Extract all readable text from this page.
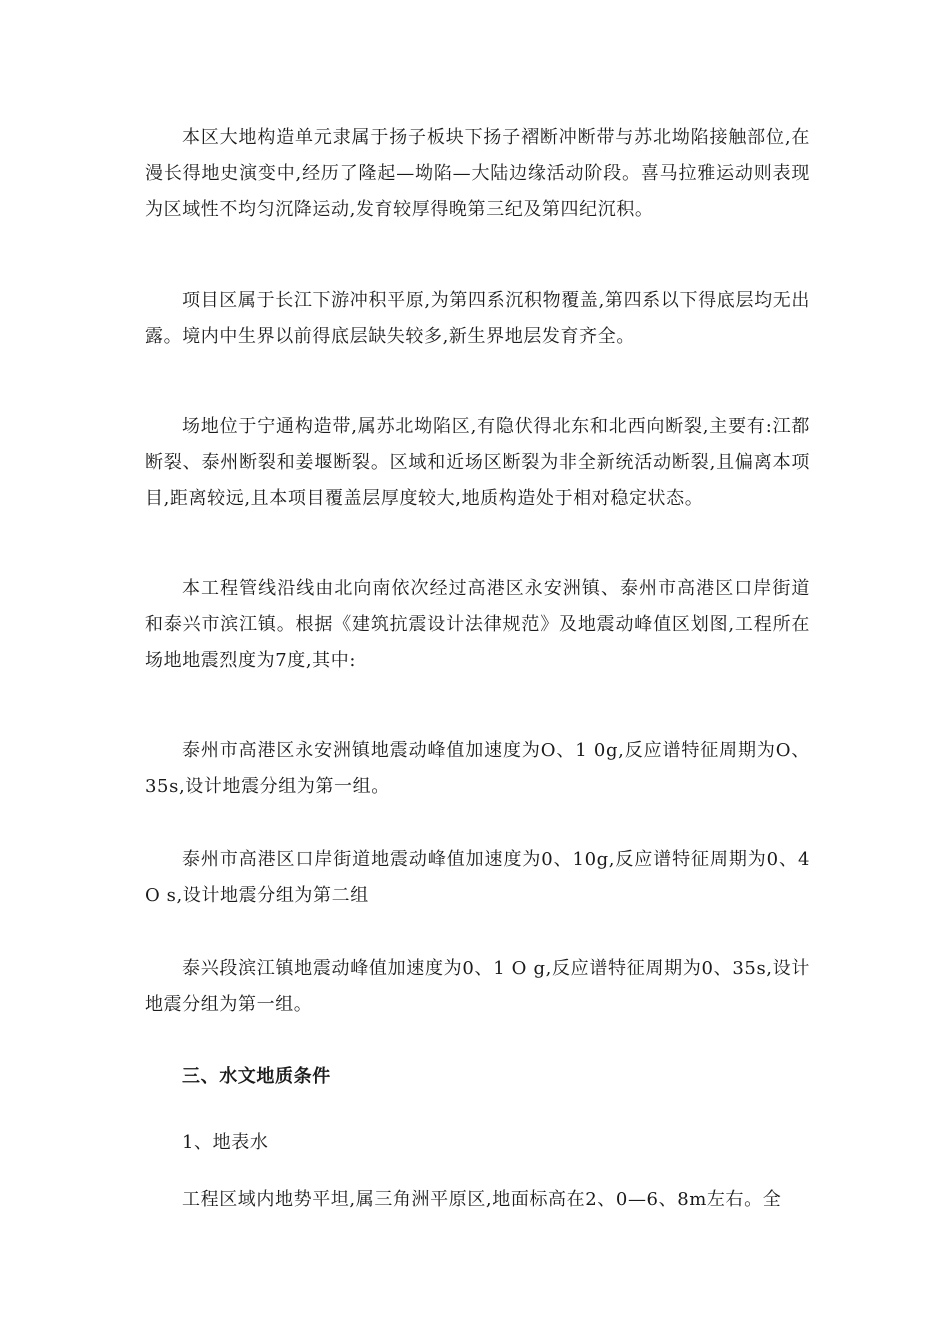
本区大地构造单元隶属于扬子板块下扬子褶断冲断带与苏北坳陷接触部位,在漫长得地史演变中,经历了隆起—坳陷—大陆边缘活动阶段。喜马拉雅运动则表现为区域性不均匀沉降运动,发育较厚得晚第三纪及第四纪沉积。

项目区属于长江下游冲积平原,为第四系沉积物覆盖,第四系以下得底层均无出露。境内中生界以前得底层缺失较多,新生界地层发育齐全。

场地位于宁通构造带,属苏北坳陷区,有隐伏得北东和北西向断裂,主要有:江都断裂、泰州断裂和姜堰断裂。区域和近场区断裂为非全新统活动断裂,且偏离本项目,距离较远,且本项目覆盖层厚度较大,地质构造处于相对稳定状态。

本工程管线沿线由北向南依次经过高港区永安洲镇、泰州市高港区口岸街道和泰兴市滨江镇。根据《建筑抗震设计法律规范》及地震动峰值区划图,工程所在场地地震烈度为7度,其中:

泰州市高港区永安洲镇地震动峰值加速度为O、1 0g,反应谱特征周期为O、35s,设计地震分组为第一组。

泰州市高港区口岸街道地震动峰值加速度为0、10g,反应谱特征周期为0、4 O s,设计地震分组为第二组

泰兴段滨江镇地震动峰值加速度为0、1 O g,反应谱特征周期为0、35s,设计地震分组为第一组。

三、水文地质条件

1、地表水

工程区域内地势平坦,属三角洲平原区,地面标高在2、0—6、8m左右。全
